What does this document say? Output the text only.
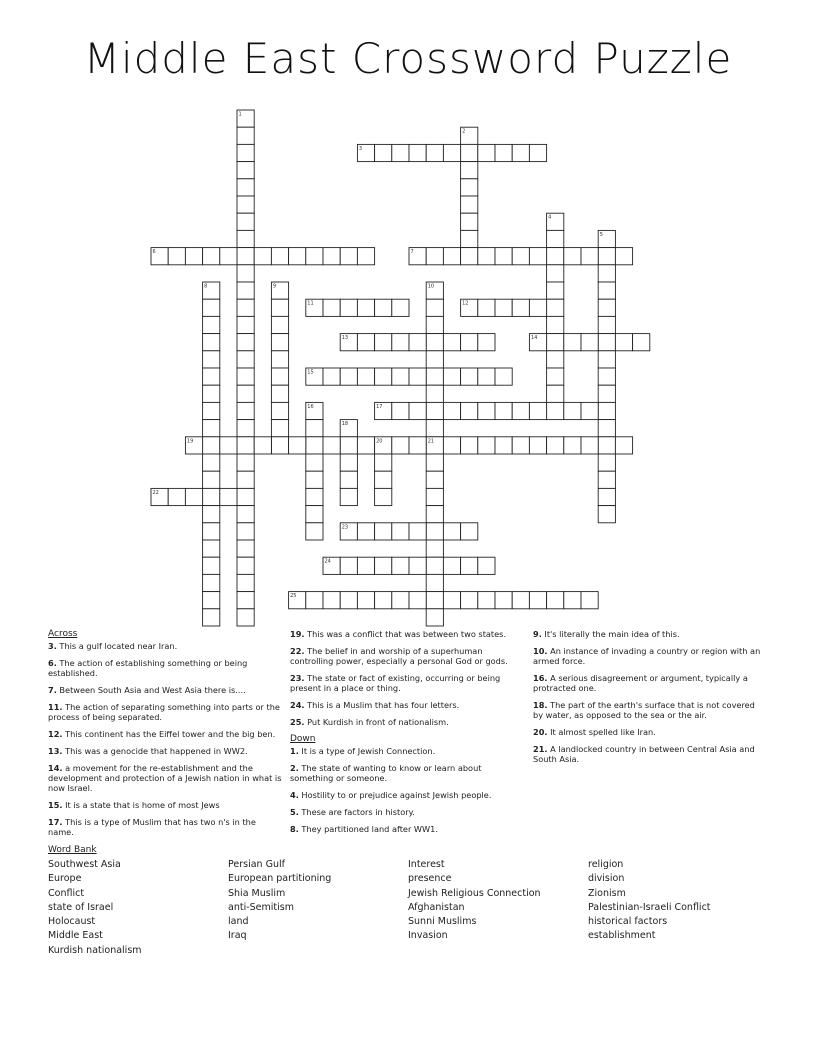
Middle East Crossword Puzzle
1
2
3
4
5
6	7
8	9	10
21
11	12
13	14
15
16	17
18
19	20
22
23
24
25
Across
3. This a gulf located near Iran.
6. The action of establishing something or being established.
7. Between South Asia and West Asia there is....
11. The action of separating something into parts or the process of being separated.
12. This continent has the Eiffel tower and the big ben.
13. This was a genocide that happened in WW2.
14. a movement for the re-establishment and the development and protection of a Jewish nation in what is now Israel.
15. It is a state that is home of most Jews
17. This is a type of Muslim that has two n's in the name.
19. This was a conflict that was between two states.
22. The belief in and worship of a superhuman controlling power, especially a personal God or gods.
23. The state or fact of existing, occurring or being present in a place or thing.
24. This is a Muslim that has four letters.
25. Put Kurdish in front of nationalism.
Down
1. It is a type of Jewish Connection.
2. The state of wanting to know or learn about something or someone.
4. Hostility to or prejudice against Jewish people.
5. These are factors in history.
8. They partitioned land after WW1.
9. It's literally the main idea of this.
10. An instance of invading a country or region with an armed force.
16. A serious disagreement or argument, typically a protracted one.
18. The part of the earth's surface that is not covered by water, as opposed to the sea or the air.
20. It almost spelled like Iran.
21. A landlocked country in between Central Asia and South Asia.
Word Bank
Southwest Asia
Europe
Conflict
state of Israel
Holocaust
Middle East
Kurdish nationalism
Persian Gulf
European partitioning
Shia Muslim
anti-Semitism
land
Iraq
Interest
presence
Jewish Religious Connection
Afghanistan
Sunni Muslims
Invasion
religion
division
Zionism
Palestinian-Israeli Conflict
historical factors
establishment
